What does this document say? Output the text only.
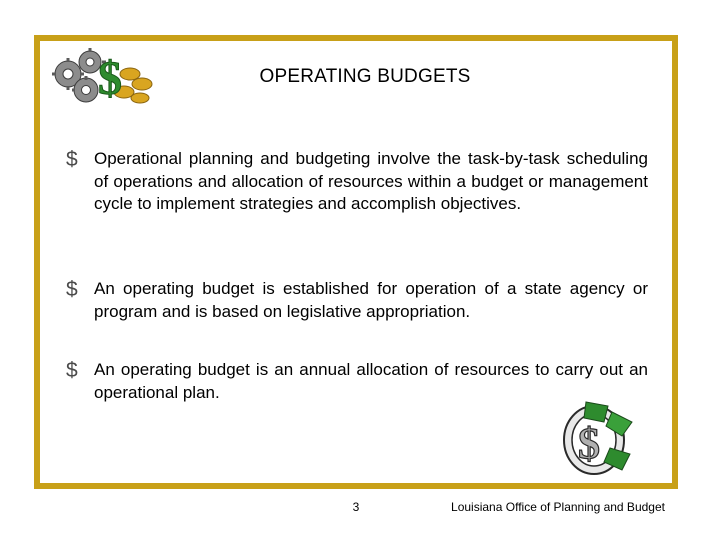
$	OPERATING BUDGETS
$ Operational planning and budgeting involve the task-by-task scheduling of operations and allocation of resources within a budget or management cycle to implement strategies and accomplish objectives.
$ An operating budget is established for operation of a state agency or program and is based on legislative appropriation.
$ An operating budget is an annual allocation of resources to carry out an operational plan.
$
3	Louisiana Office of Planning and Budget
